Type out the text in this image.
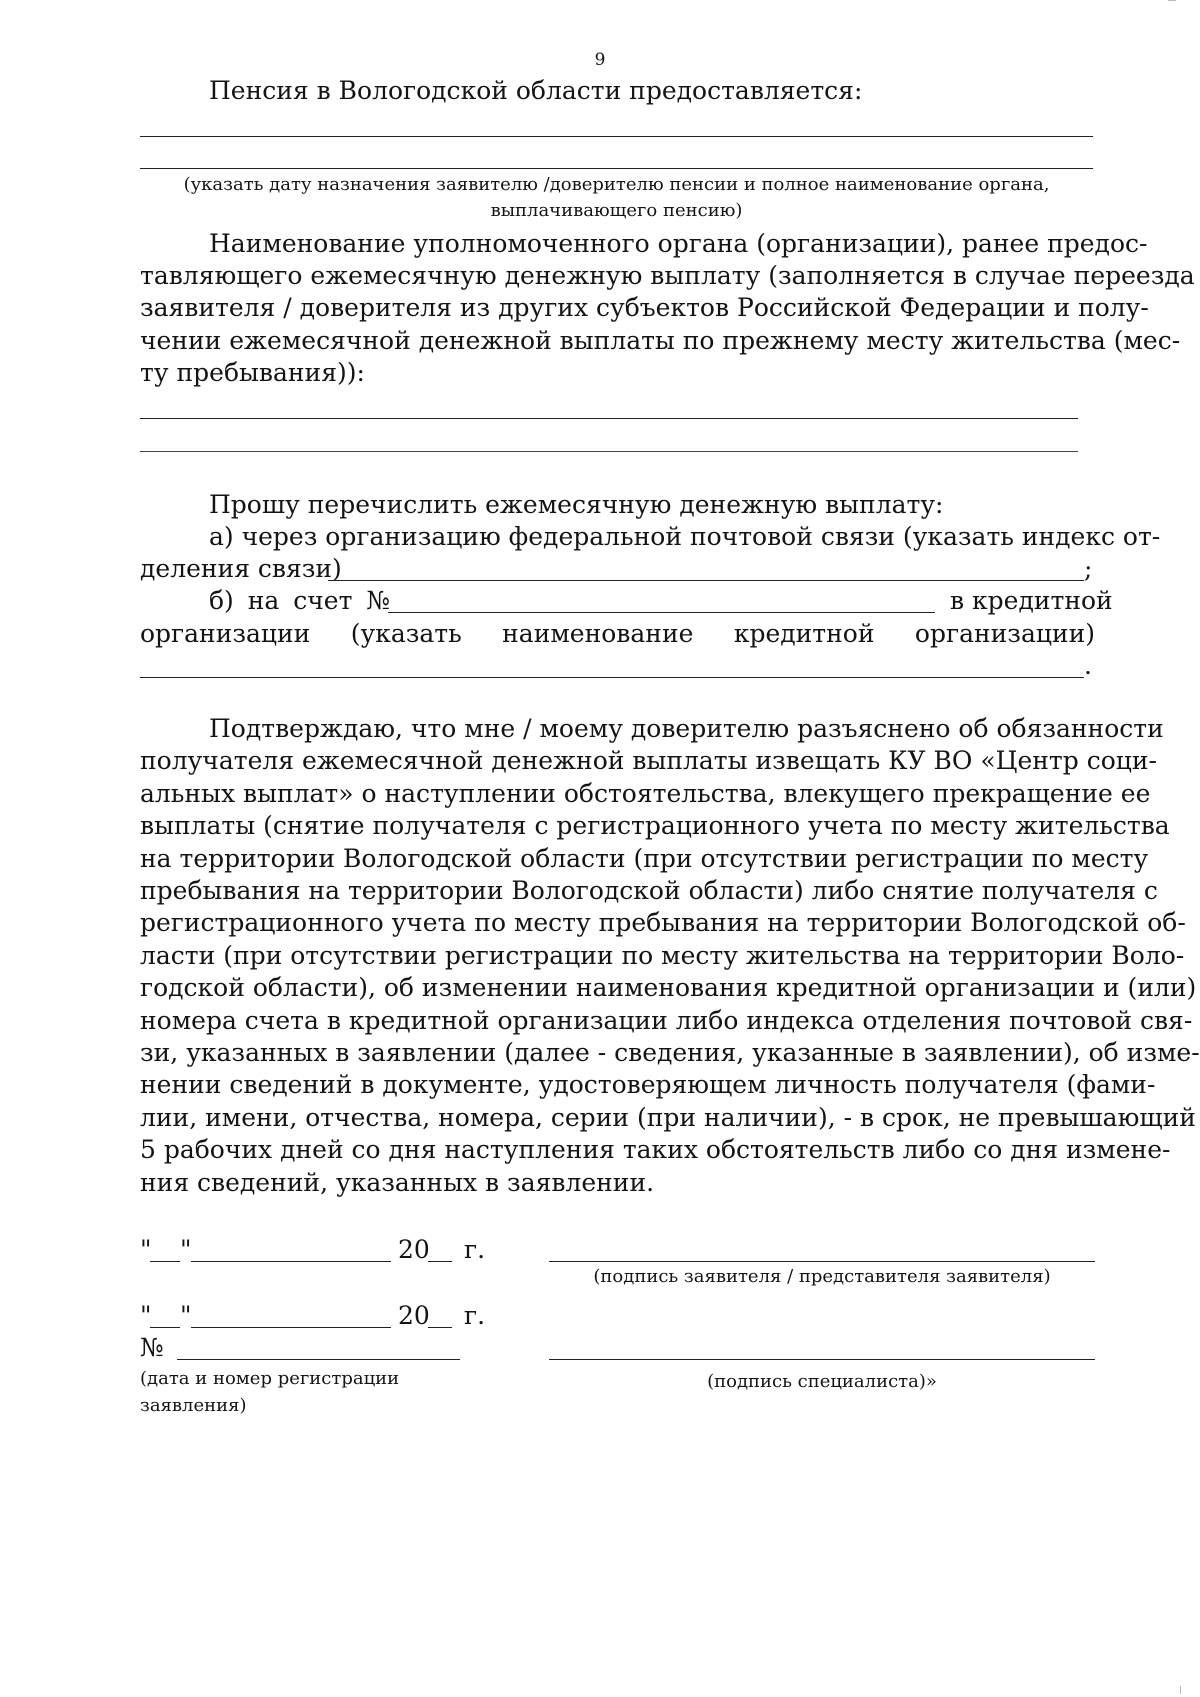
9
Пенсия в Вологодской области предоставляется:
(указать дату назначения заявителю /доверителю пенсии и полное наименование органа,
выплачивающего пенсию)
Наименование уполномоченного органа (организации), ранее предос-
тавляющего ежемесячную денежную выплату (заполняется в случае переезда
заявителя / доверителя из других субъектов Российской Федерации и полу-
чении ежемесячной денежной выплаты по прежнему месту жительства (мес-
ту пребывания)):
Прошу перечислить ежемесячную денежную выплату:
а) через организацию федеральной почтовой связи (указать индекс от-
деления связи)	;
б) на счет №	в кредитной
организации (указать наименование кредитной организации)
.
Подтверждаю, что мне / моему доверителю разъяснено об обязанности
получателя ежемесячной денежной выплаты извещать КУ ВО «Центр соци-
альных выплат» о наступлении обстоятельства, влекущего прекращение ее
выплаты (снятие получателя с регистрационного учета по месту жительства
на территории Вологодской области (при отсутствии регистрации по месту
пребывания на территории Вологодской области) либо снятие получателя с
регистрационного учета по месту пребывания на территории Вологодской об-
ласти (при отсутствии регистрации по месту жительства на территории Воло-
годской области), об изменении наименования кредитной организации и (или)
номера счета в кредитной организации либо индекса отделения почтовой свя-
зи, указанных в заявлении (далее - сведения, указанные в заявлении), об изме-
нении сведений в документе, удостоверяющем личность получателя (фами-
лии, имени, отчества, номера, серии (при наличии), - в срок, не превышающий
5 рабочих дней со дня наступления таких обстоятельств либо со дня измене-
ния сведений, указанных в заявлении.
" "	20 г.
(подпись заявителя / представителя заявителя)
" "	20 г.
№
(дата и номер регистрации
заявления)
(подпись специалиста)»
